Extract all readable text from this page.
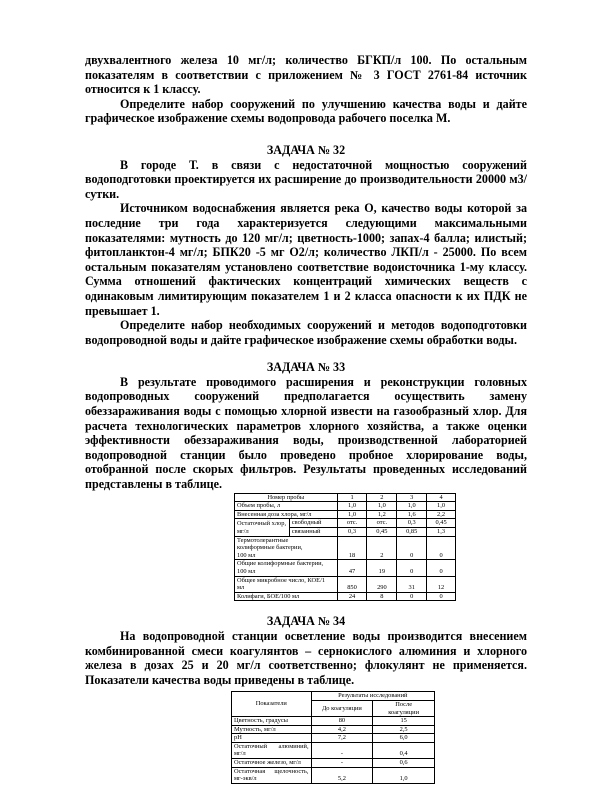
двухвалентного железа 10 мг/л; количество БГКП/л 100. По остальным показателям в соответствии с приложением № 3 ГОСТ 2761-84 источник относится к 1 классу.

Определите набор сооружений по улучшению качества воды и дайте графическое изображение схемы водопровода рабочего поселка М.

ЗАДАЧА № 32

В городе Т. в связи с недостаточной мощностью сооружений водоподготовки проектируется их расширение до производительности 20000 м3/сутки.

Источником водоснабжения является река О, качество воды которой за последние три года характеризуется следующими максимальными показателями: мутность до 120 мг/л; цветность-1000; запах-4 балла; илистый; фитопланктон-4 мг/л; БПК20 -5 мг О2/л; количество ЛКП/л - 25000. По всем остальным показателям установлено соответствие водоисточника 1-му классу. Сумма отношений фактических концентраций химических веществ с одинаковым лимитирующим показателем 1 и 2 класса опасности к их ПДК не превышает 1.

Определите набор необходимых сооружений и методов водоподготовки водопроводной воды и дайте графическое изображение схемы обработки воды.

ЗАДАЧА № 33

В результате проводимого расширения и реконструкции головных водопроводных сооружений предполагается осуществить замену обеззараживания воды с помощью хлорной извести на газообразный хлор. Для расчета технологических параметров хлорного хозяйства, а также оценки эффективности обеззараживания воды, производственной лабораторией водопроводной станции было проведено пробное хлорирование воды, отобранной после скорых фильтров. Результаты проведенных исследований представлены в таблице.

Номер пробы		1	2	3	4
Объем пробы, л		1,0	1,0	1,0	1,0
Внесенная доза хлора, мг/л		1,0	1,2	1,6	2,2
Остаточный хлор,	свободный	отс.	отс.	0,3	0,45
мг/л	связанный	0,3	0,45	0,85	1,3

Термотолерантные
колиформные бактерии,
100 мл		18	2	0	0

Общие колиформные бактерии,
100 мл		47	19	0	0

Общее микробное число, КОЕ/1
мл		850	290	31	12
Колифаги, БОЕ/100 мл		24	8	0	0
ЗАДАЧА № 34

На водопроводной станции осветление воды производится внесением комбинированной смеси коагулянтов – сернокислого алюминия и хлорного железа в дозах 25 и 20 мг/л соответственно; флокулянт не применяется. Показатели качества воды приведены в таблице.

Показатели	Результаты исследований	
	До коагуляции	После
коагуляции

Цветность, градусы	80	15
Мутность, мг/л	4,2	2,5
pH	7,2	6,0

Остаточный алюминий,
мг/л	-	0,4
Остаточное железо, мг/л	-	0,6

Остаточная щелочность,
мг-экв/л	5,2	1,0
